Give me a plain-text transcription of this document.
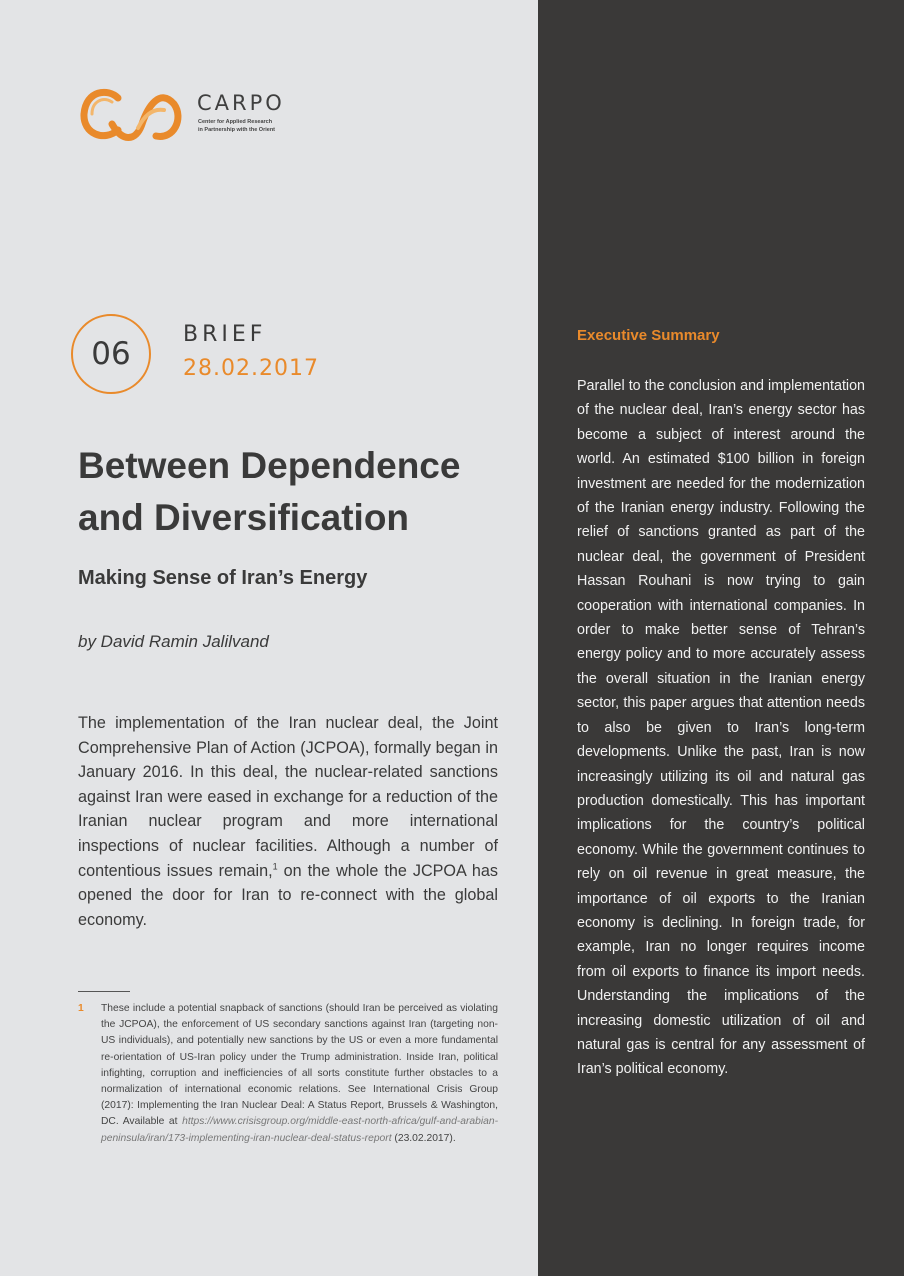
CARPO
Center for Applied Research
in Partnership with the Orient
06
BRIEF
28.02.2017
Between Dependence
and Diversification
Making Sense of Iran’s Energy
by David Ramin Jalilvand

The implementation of the Iran nuclear deal, the Joint Comprehensive Plan of Action (JCPOA), formally began in January 2016. In this deal, the nuclear-related sanctions against Iran were eased in exchange for a reduction of the Iranian nuclear program and more international inspections of nuclear facilities. Although a number of contentious issues remain,$^1$ on the whole the JCPOA has opened the door for Iran to re-connect with the global economy.

1 These include a potential snapback of sanctions (should Iran be perceived as violating the JCPOA), the enforcement of US secondary sanctions against Iran (targeting non-US individuals), and potentially new sanctions by the US or even a more fundamental re-orientation of US-Iran policy under the Trump administration. Inside Iran, political infighting, corruption and inefficiencies of all sorts constitute further obstacles to a normalization of international economic relations. See International Crisis Group (2017): Implementing the Iran Nuclear Deal: A Status Report, Brussels & Washington, DC. Available at https://www.crisisgroup.org/middle-east-north-africa/gulf-and-arabian-peninsula/iran/173-implementing-iran-nuclear-deal-status-report (23.02.2017).
Executive Summary

Parallel to the conclusion and implementation of the nuclear deal, Iran’s energy sector has become a subject of interest around the world. An estimated $100 billion in foreign investment are needed for the modernization of the Iranian energy industry. Following the relief of sanctions granted as part of the nuclear deal, the government of President Hassan Rouhani is now trying to gain cooperation with international companies. In order to make better sense of Tehran’s energy policy and to more accurately assess the overall situation in the Iranian energy sector, this paper argues that attention needs to also be given to Iran’s long-term developments. Unlike the past, Iran is now increasingly utilizing its oil and natural gas production domestically. This has important implications for the country’s political economy. While the government continues to rely on oil revenue in great measure, the importance of oil exports to the Iranian economy is declining. In foreign trade, for example, Iran no longer requires income from oil exports to finance its import needs. Understanding the implications of the increasing domestic utilization of oil and natural gas is central for any assessment of Iran’s political economy.
